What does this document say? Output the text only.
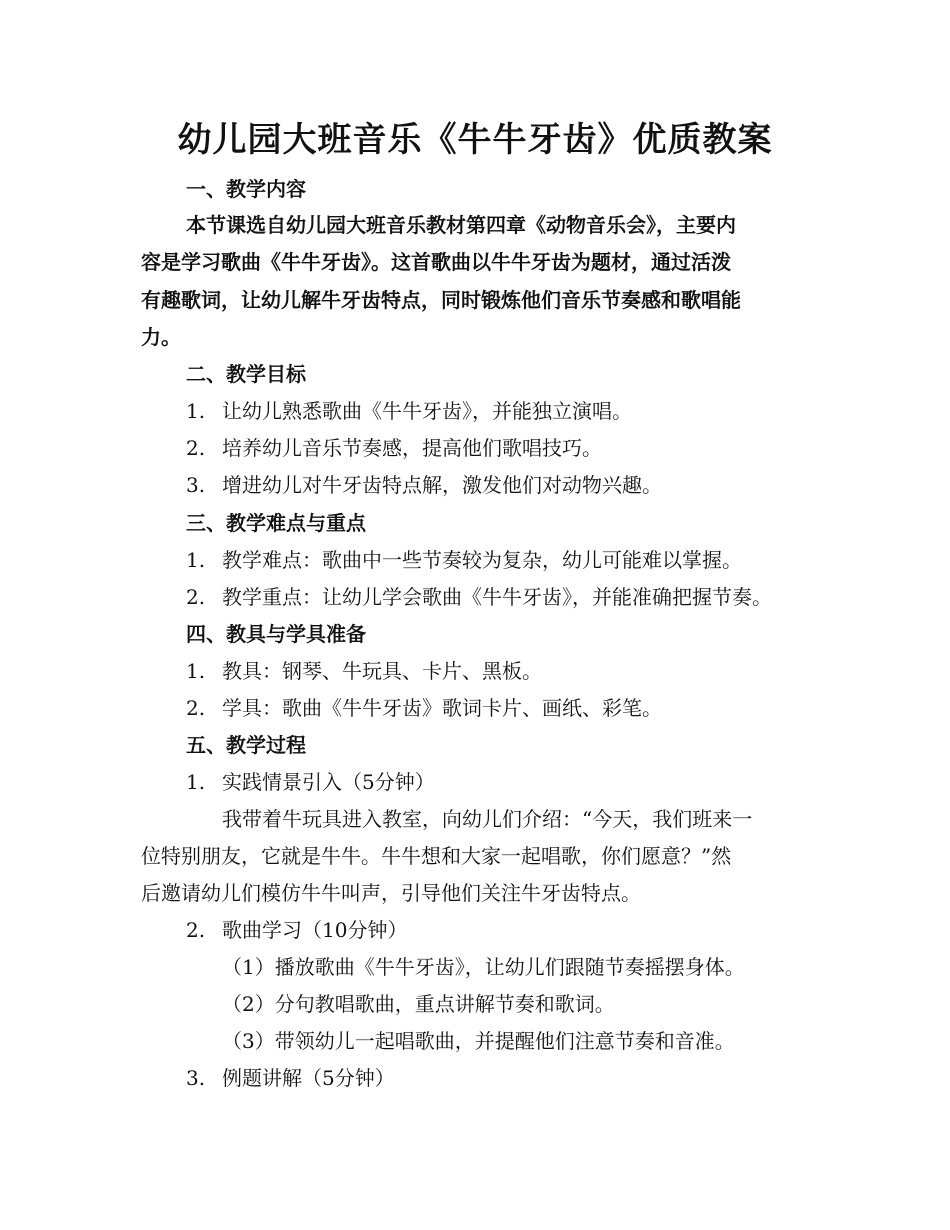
幼儿园大班音乐《牛牛牙齿》优质教案
一、教学内容
本节课选自幼儿园大班音乐教材第四章《动物音乐会》，主要内
容是学习歌曲《牛牛牙齿》。这首歌曲以牛牛牙齿为题材，通过活泼
有趣歌词，让幼儿解牛牙齿特点，同时锻炼他们音乐节奏感和歌唱能
力。
二、教学目标
1. 让幼儿熟悉歌曲《牛牛牙齿》，并能独立演唱。
2. 培养幼儿音乐节奏感，提高他们歌唱技巧。
3. 增进幼儿对牛牙齿特点解，激发他们对动物兴趣。
三、教学难点与重点
1. 教学难点：歌曲中一些节奏较为复杂，幼儿可能难以掌握。
2. 教学重点：让幼儿学会歌曲《牛牛牙齿》，并能准确把握节奏。
四、教具与学具准备
1. 教具：钢琴、牛玩具、卡片、黑板。
2. 学具：歌曲《牛牛牙齿》歌词卡片、画纸、彩笔。
五、教学过程
1. 实践情景引入（5分钟）
我带着牛玩具进入教室，向幼儿们介绍：“今天，我们班来一
位特别朋友，它就是牛牛。牛牛想和大家一起唱歌，你们愿意？”然
后邀请幼儿们模仿牛牛叫声，引导他们关注牛牙齿特点。
2. 歌曲学习（10分钟）
（1）播放歌曲《牛牛牙齿》，让幼儿们跟随节奏摇摆身体。
（2）分句教唱歌曲，重点讲解节奏和歌词。
（3）带领幼儿一起唱歌曲，并提醒他们注意节奏和音准。
3. 例题讲解（5分钟）
